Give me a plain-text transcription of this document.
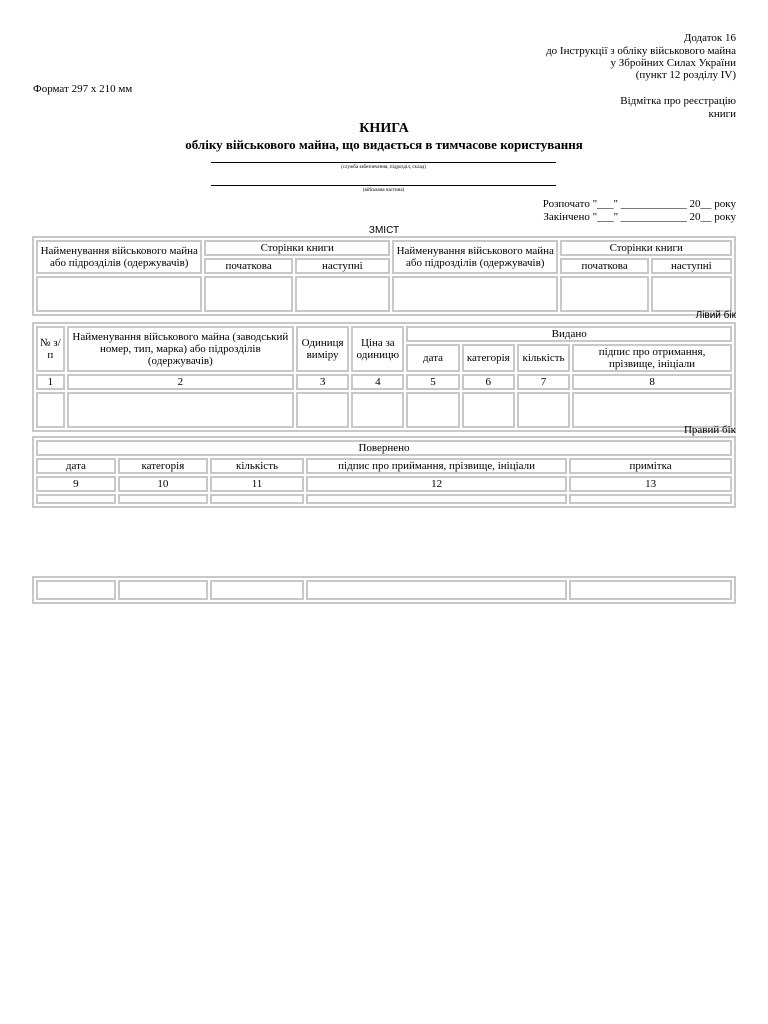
Додаток 16
до Інструкції з обліку військового майна
у Збройних Силах України
(пункт 12 розділу IV)
Формат 297 х 210 мм
Відмітка про реєстрацію
книги
КНИГА
обліку військового майна, що видається в тимчасове користування
(служба забезпечення, підрозділ, склад)
(військова частина)
Розпочато "___" ____________ 20__ року
Закінчено "___" ____________ 20__ року
ЗМІСТ
Найменування військового майна або підрозділів (одержувачів)	Сторінки книги		Найменування військового майна або підрозділів (одержувачів)	Сторінки книги	
	початкова	наступні		початкова	наступні

Лівий бік
№ з/п	Найменування військового майна (заводський номер, тип, марка) або підрозділів (одержувачів)	Одиниця виміру	Ціна за одиницю	Видано			
				дата	категорія	кількість	підпис про отримання, прізвище, ініціали
1	2	3	4	5	6	7	8

Правий бік
Повернено				
дата	категорія	кількість	підпис про приймання, прізвище, ініціали	примітка
9	10	11	12	13
